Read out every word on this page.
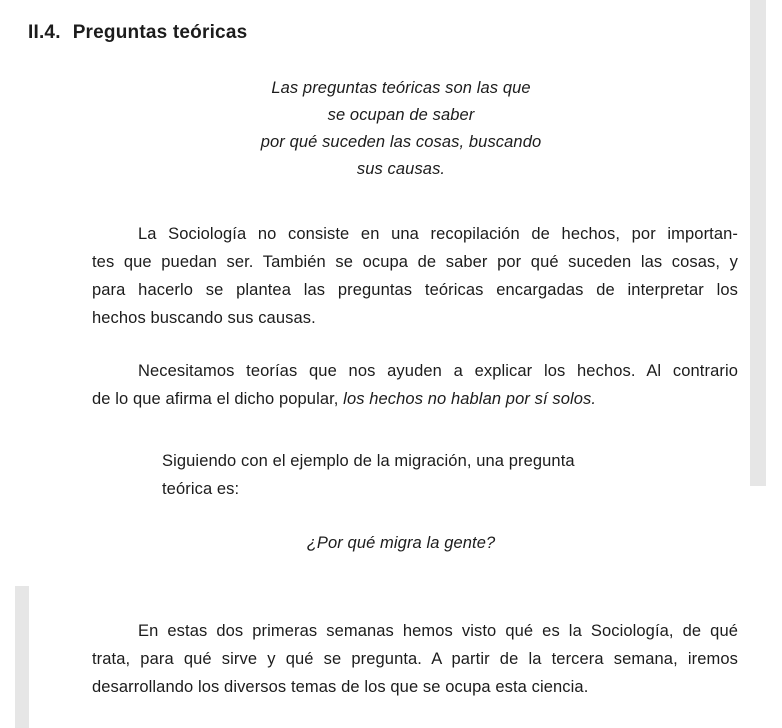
II.4. Preguntas teóricas
Las preguntas teóricas son las que
se ocupan de saber
por qué suceden las cosas, buscando
sus causas.
La Sociología no consiste en una recopilación de hechos, por importan-
tes que puedan ser. También se ocupa de saber por qué suceden las cosas, y
para hacerlo se plantea las preguntas teóricas encargadas de interpretar los
hechos buscando sus causas.
Necesitamos teorías que nos ayuden a explicar los hechos. Al contrario
de lo que afirma el dicho popular, los hechos no hablan por sí solos.
Siguiendo con el ejemplo de la migración, una pregunta
teórica es:
¿Por qué migra la gente?
En estas dos primeras semanas hemos visto qué es la Sociología, de qué
trata, para qué sirve y qué se pregunta. A partir de la tercera semana, iremos
desarrollando los diversos temas de los que se ocupa esta ciencia.
